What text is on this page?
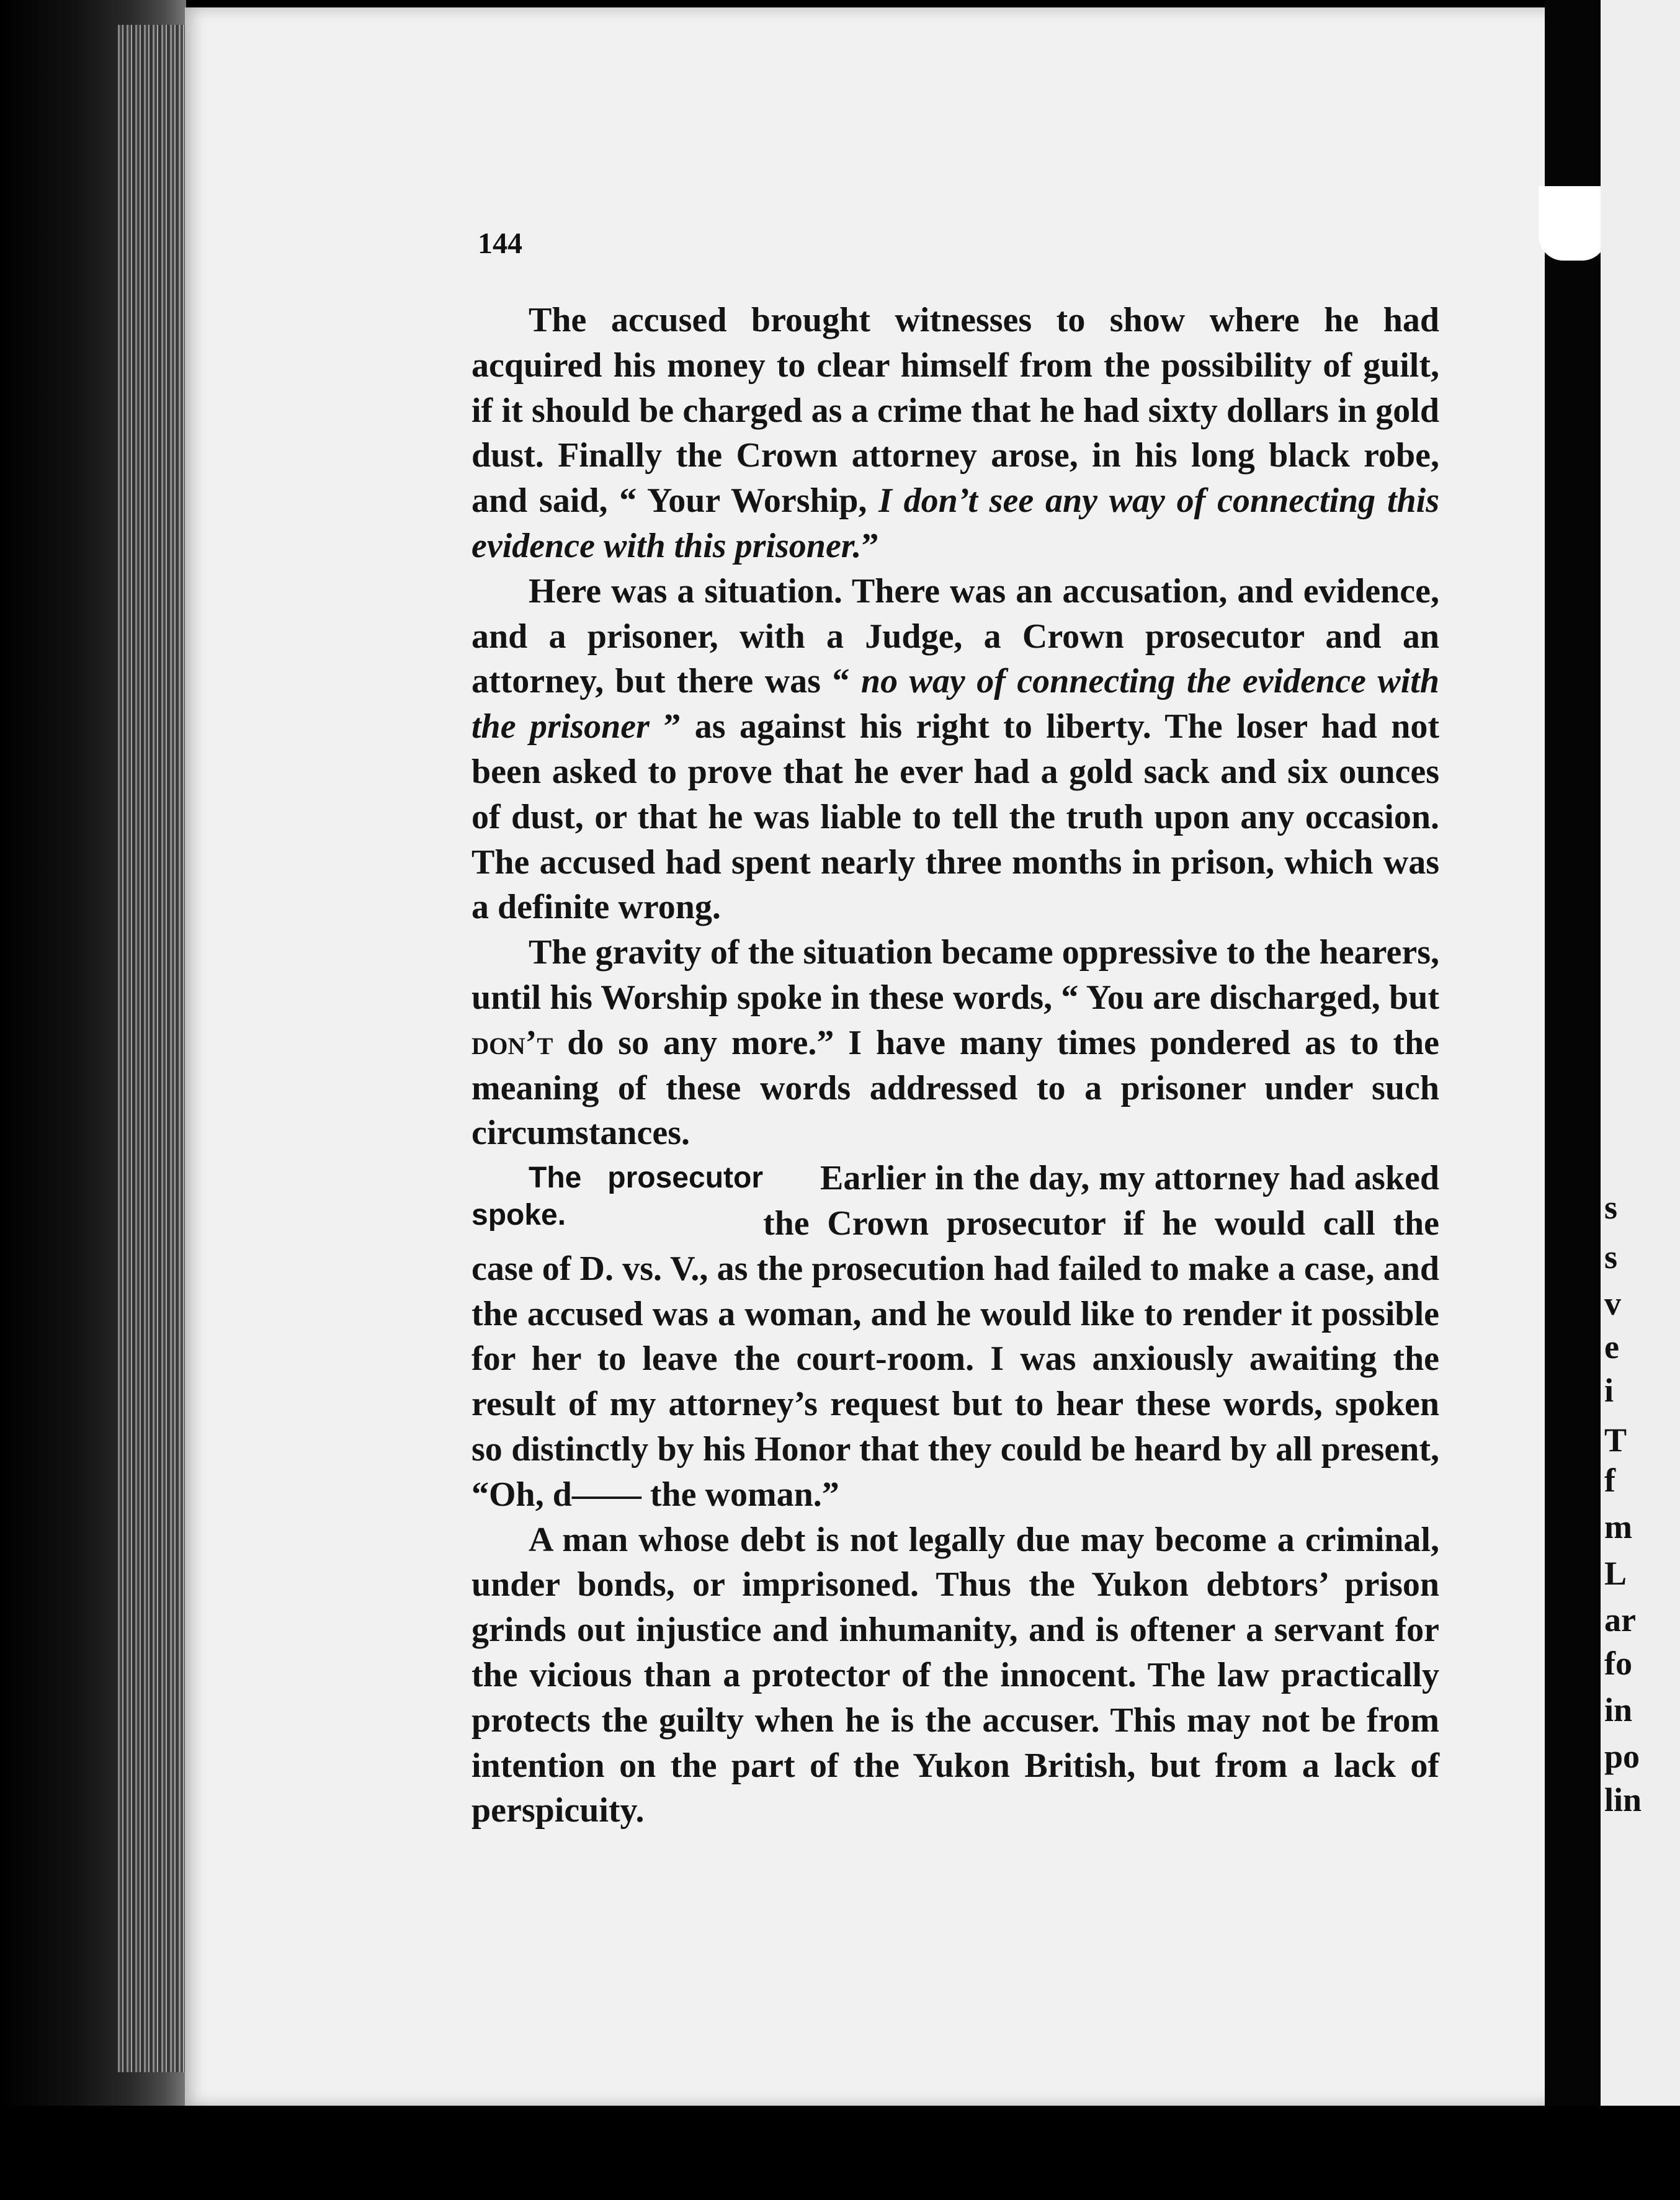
s
s
v
e
i
T
f
m
L
ar
fo
in
po
lin
144

The accused brought witnesses to show where he had acquired his money to clear himself from the possibility of guilt, if it should be charged as a crime that he had sixty dollars in gold dust. Finally the Crown attorney arose, in his long black robe, and said, “ Your Worship, I don’t see any way of connecting this evidence with this prisoner.”

Here was a situation. There was an accusation, and evidence, and a prisoner, with a Judge, a Crown prosecutor and an attorney, but there was “ no way of connecting the evidence with the prisoner ” as against his right to liberty. The loser had not been asked to prove that he ever had a gold sack and six ounces of dust, or that he was liable to tell the truth upon any occasion. The accused had spent nearly three months in prison, which was a definite wrong.

The gravity of the situation became oppressive to the hearers, until his Worship spoke in these words, “ You are discharged, but don’t do so any more.” I have many times pondered as to the meaning of these words addressed to a prisoner under such circumstances.

The prosecutor spoke.
Earlier in the day, my attorney had asked the Crown prosecutor if he would call the case of D. vs. V., as the prosecution had failed to make a case, and the accused was a woman, and he would like to render it possible for her to leave the court-room. I was anxiously awaiting the result of my attorney’s request but to hear these words, spoken so distinctly by his Honor that they could be heard by all present, “Oh, d—— the woman.”

A man whose debt is not legally due may become a criminal, under bonds, or imprisoned. Thus the Yukon debtors’ prison grinds out injustice and inhumanity, and is oftener a servant for the vicious than a protector of the innocent. The law practically protects the guilty when he is the accuser. This may not be from intention on the part of the Yukon British, but from a lack of perspicuity.
